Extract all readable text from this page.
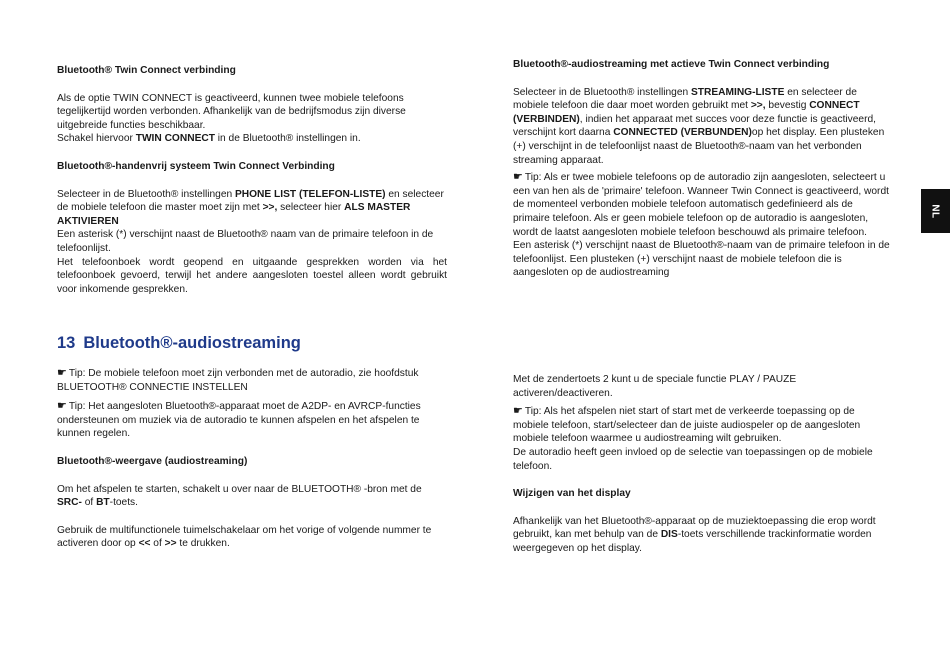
NL
Bluetooth® Twin Connect verbinding

Als de optie TWIN CONNECT is geactiveerd, kunnen twee mobiele telefoons tegelijkertijd worden verbonden. Afhankelijk van de bedrijfsmodus zijn diverse uitgebreide functies beschikbaar.

Schakel hiervoor TWIN CONNECT in de Bluetooth® instellingen in.

Bluetooth®-handenvrij systeem Twin Connect Verbinding

Selecteer in de Bluetooth® instellingen PHONE LIST (TELEFON-LISTE) en selecteer de mobiele telefoon die master moet zijn met >>, selecteer hier ALS MASTER AKTIVIEREN

Een asterisk (*) verschijnt naast de Bluetooth® naam van de primaire telefoon in de telefoonlijst.

Het telefoonboek wordt geopend en uitgaande gesprekken worden via het telefoonboek gevoerd, terwijl het andere aangesloten toestel alleen wordt gebruikt voor inkomende gesprekken.

13 Bluetooth®-audiostreaming

☛ Tip: De mobiele telefoon moet zijn verbonden met de autoradio, zie hoofdstuk BLUETOOTH® CONNECTIE INSTELLEN

☛ Tip: Het aangesloten Bluetooth®-apparaat moet de A2DP- en AVRCP-functies ondersteunen om muziek via de autoradio te kunnen afspelen en het afspelen te kunnen regelen.

Bluetooth®-weergave (audiostreaming)

Om het afspelen te starten, schakelt u over naar de BLUETOOTH® -bron met de SRC- of BT-toets.

Gebruik de multifunctionele tuimelschakelaar om het vorige of volgende nummer te activeren door op << of >> te drukken.

Bluetooth®-audiostreaming met actieve Twin Connect verbinding

Selecteer in de Bluetooth® instellingen STREAMING-LISTE en selecteer de mobiele telefoon die daar moet worden gebruikt met >>, bevestig CONNECT (VERBINDEN), indien het apparaat met succes voor deze functie is geactiveerd, verschijnt kort daarna CONNECTED (VERBUNDEN)op het display. Een plusteken (+) verschijnt in de telefoonlijst naast de Bluetooth®-naam van het verbonden streaming apparaat.

☛ Tip: Als er twee mobiele telefoons op de autoradio zijn aangesloten, selecteert u een van hen als de 'primaire' telefoon. Wanneer Twin Connect is geactiveerd, wordt de momenteel verbonden mobiele telefoon automatisch gedefinieerd als de primaire telefoon. Als er geen mobiele telefoon op de autoradio is aangesloten, wordt de laatst aangesloten mobiele telefoon beschouwd als primaire telefoon.

Een asterisk (*) verschijnt naast de Bluetooth®-naam van de primaire telefoon in de telefoonlijst. Een plusteken (+) verschijnt naast de mobiele telefoon die is aangesloten op de audiostreaming

Met de zendertoets 2 kunt u de speciale functie PLAY / PAUZE activeren/deactiveren.

☛ Tip: Als het afspelen niet start of start met de verkeerde toepassing op de mobiele telefoon, start/selecteer dan de juiste audiospeler op de aangesloten mobiele telefoon waarmee u audiostreaming wilt gebruiken.

De autoradio heeft geen invloed op de selectie van toepassingen op de mobiele telefoon.

Wijzigen van het display

Afhankelijk van het Bluetooth®-apparaat op de muziektoepassing die erop wordt gebruikt, kan met behulp van de DIS-toets verschillende trackinformatie worden weergegeven op het display.
